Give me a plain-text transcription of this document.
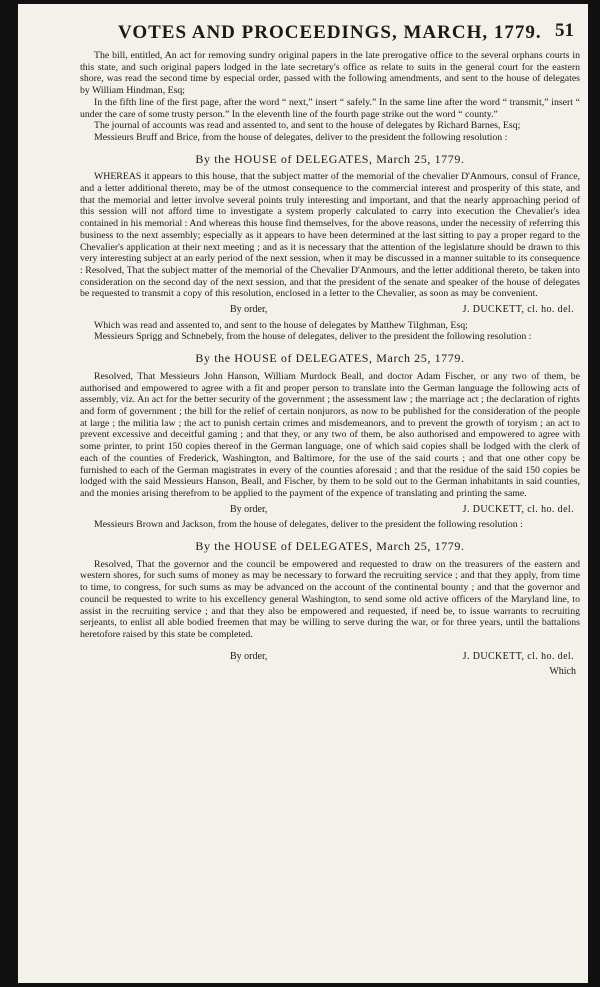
VOTES AND PROCEEDINGS, MARCH, 1779. 51

The bill, entitled, An act for removing sundry original papers in the late prerogative office to the several orphans courts in this state, and such original papers lodged in the late secretary's office as relate to suits in the general court for the eastern shore, was read the second time by especial order, passed with the following amendments, and sent to the house of delegates by William Hindman, Esq;

In the fifth line of the first page, after the word “ next,” insert “ safely.” In the same line after the word “ transmit,” insert “ under the care of some trusty person.” In the eleventh line of the fourth page strike out the word “ county.”

The journal of accounts was read and assented to, and sent to the house of delegates by Richard Barnes, Esq;

Messieurs Bruff and Brice, from the house of delegates, deliver to the president the following resolution :

By the HOUSE of DELEGATES, March 25, 1779.

WHEREAS it appears to this house, that the subject matter of the memorial of the chevalier D'Anmours, consul of France, and a letter additional thereto, may be of the utmost consequence to the commercial interest and prosperity of this state, and that the memorial and letter involve several points truly interesting and important, and that the nearly approaching period of this session will not afford time to investigate a system properly calculated to carry into execution the Chevalier's idea contained in his memorial : And whereas this house find themselves, for the above reasons, under the necessity of referring this business to the next assembly; especially as it appears to have been determined at the last sitting to pay a proper regard to the Chevalier's application at their next meeting ; and as it is necessary that the attention of the legislature should be drawn to this very interesting subject at an early period of the next session, when it may be discussed in a manner suitable to its consequence : Resolved, That the subject matter of the memorial of the Chevalier D'Anmours, and the letter additional thereto, be taken into consideration on the second day of the next session, and that the president of the senate and speaker of the house of delegates be requested to transmit a copy of this resolution, enclosed in a letter to the Chevalier, as soon as may be convenient.

By order,	J. DUCKETT, cl. ho. del.

Which was read and assented to, and sent to the house of delegates by Matthew Tilghman, Esq;

Messieurs Sprigg and Schnebely, from the house of delegates, deliver to the president the following resolution :

By the HOUSE of DELEGATES, March 25, 1779.

Resolved, That Messieurs John Hanson, William Murdock Beall, and doctor Adam Fischer, or any two of them, be authorised and empowered to agree with a fit and proper person to translate into the German language the following acts of assembly, viz. An act for the better security of the government ; the assessment law ; the marriage act ; the declaration of rights and form of government ; the bill for the relief of certain nonjurors, as now to be published for the consideration of the people at large ; the militia law ; the act to punish certain crimes and misdemeanors, and to prevent the growth of toryism ; an act to prevent excessive and deceitful gaming ; and that they, or any two of them, be also authorised and empowered to agree with some printer, to print 150 copies thereof in the German language, one of which said copies shall be lodged with the clerk of each of the counties of Frederick, Washington, and Baltimore, for the use of the said courts ; and that one other copy be furnished to each of the German magistrates in every of the counties aforesaid ; and that the residue of the said 150 copies be lodged with the said Messieurs Hanson, Beall, and Fischer, by them to be sold out to the German inhabitants in said counties, and the monies arising therefrom to be applied to the payment of the expence of translating and printing the same.

By order,	J. DUCKETT, cl. ho. del.

Messieurs Brown and Jackson, from the house of delegates, deliver to the president the following resolution :

By the HOUSE of DELEGATES, March 25, 1779.

Resolved, That the governor and the council be empowered and requested to draw on the treasurers of the eastern and western shores, for such sums of money as may be necessary to forward the recruiting service ; and that they apply, from time to time, to congress, for such sums as may be advanced on the account of the continental bounty ; and that the governor and council be requested to write to his excellency general Washington, to send some old active officers of the Maryland line, to assist in the recruiting service ; and that they also be empowered and requested, if need be, to issue warrants to recruiting serjeants, to enlist all able bodied freemen that may be willing to serve during the war, or for three years, until the battalions heretofore raised by this state be completed.

By order,	J. DUCKETT, cl. ho. del.
Which
